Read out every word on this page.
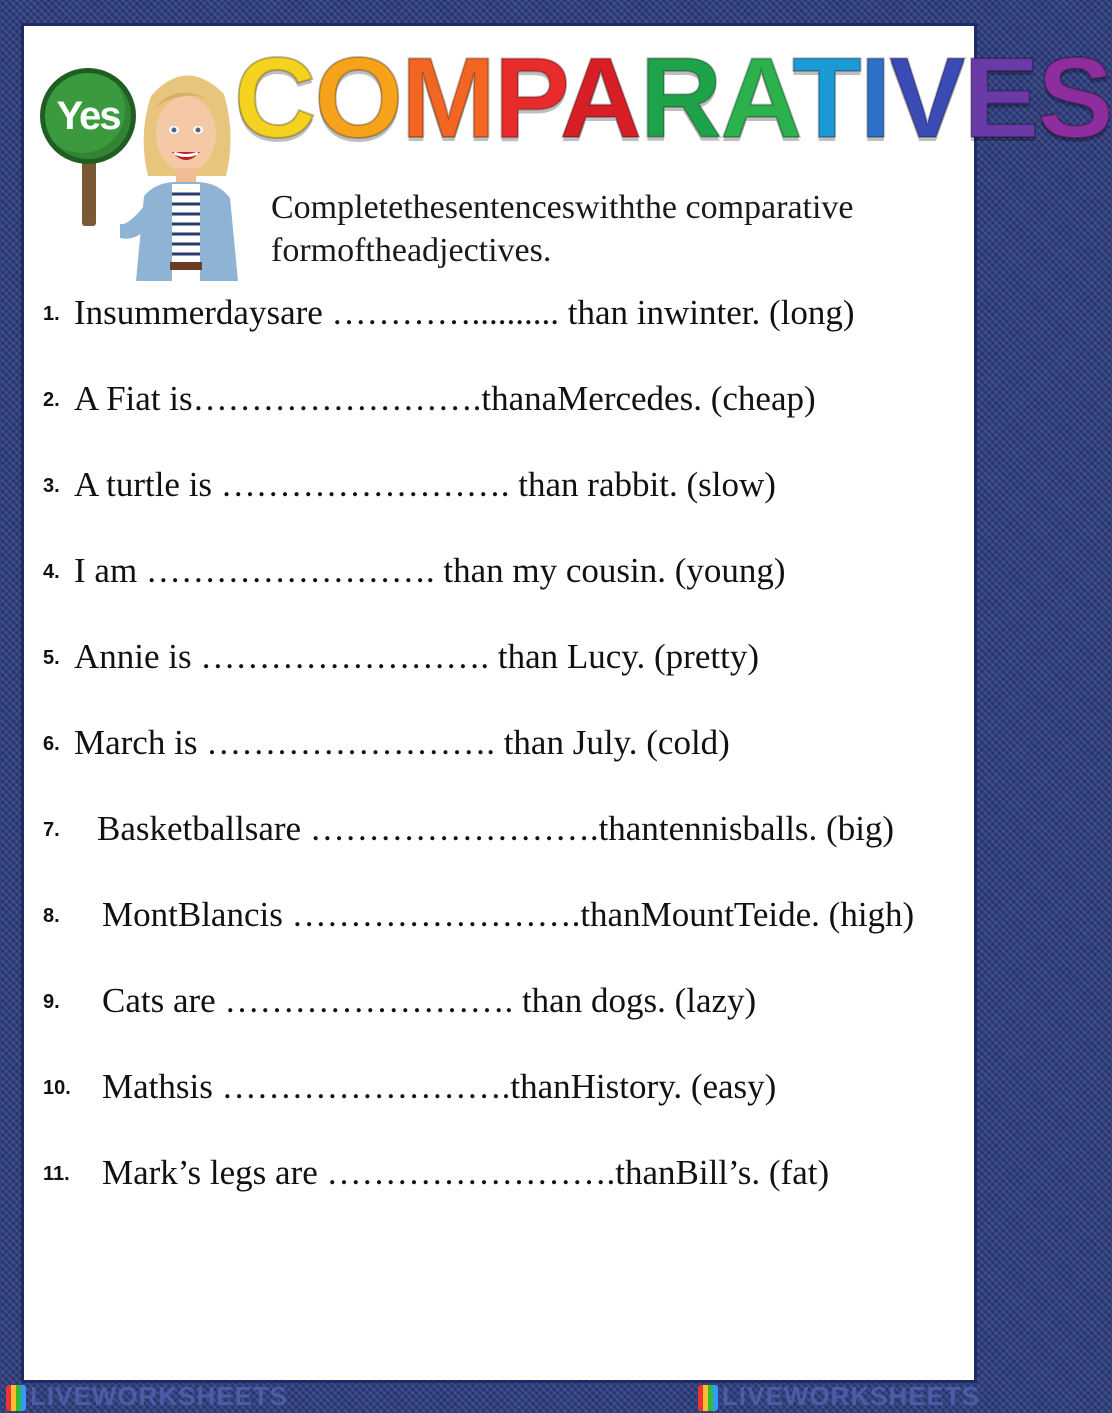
Yes COMPARATIVES

Completethesentenceswiththe comparative
formoftheadjectives.

1. Insummerdaysare ………….......... than inwinter. (long)
2. A Fiat is…………………….thanaMercedes. (cheap)
3. A turtle is ……………………. than rabbit. (slow)
4. I am ……………………. than my cousin. (young)
5. Annie is ……………………. than Lucy. (pretty)
6. March is ……………………. than July. (cold)
7. Basketballsare …………………….thantennisballs. (big)
8. MontBlancis …………………….thanMountTeide. (high)
9. Cats are ……………………. than dogs. (lazy)
10. Mathsis …………………….thanHistory. (easy)
11. Mark’s legs are …………………….thanBill’s. (fat)
LIVEWORKSHEETS	LIVEWORKSHEETS
